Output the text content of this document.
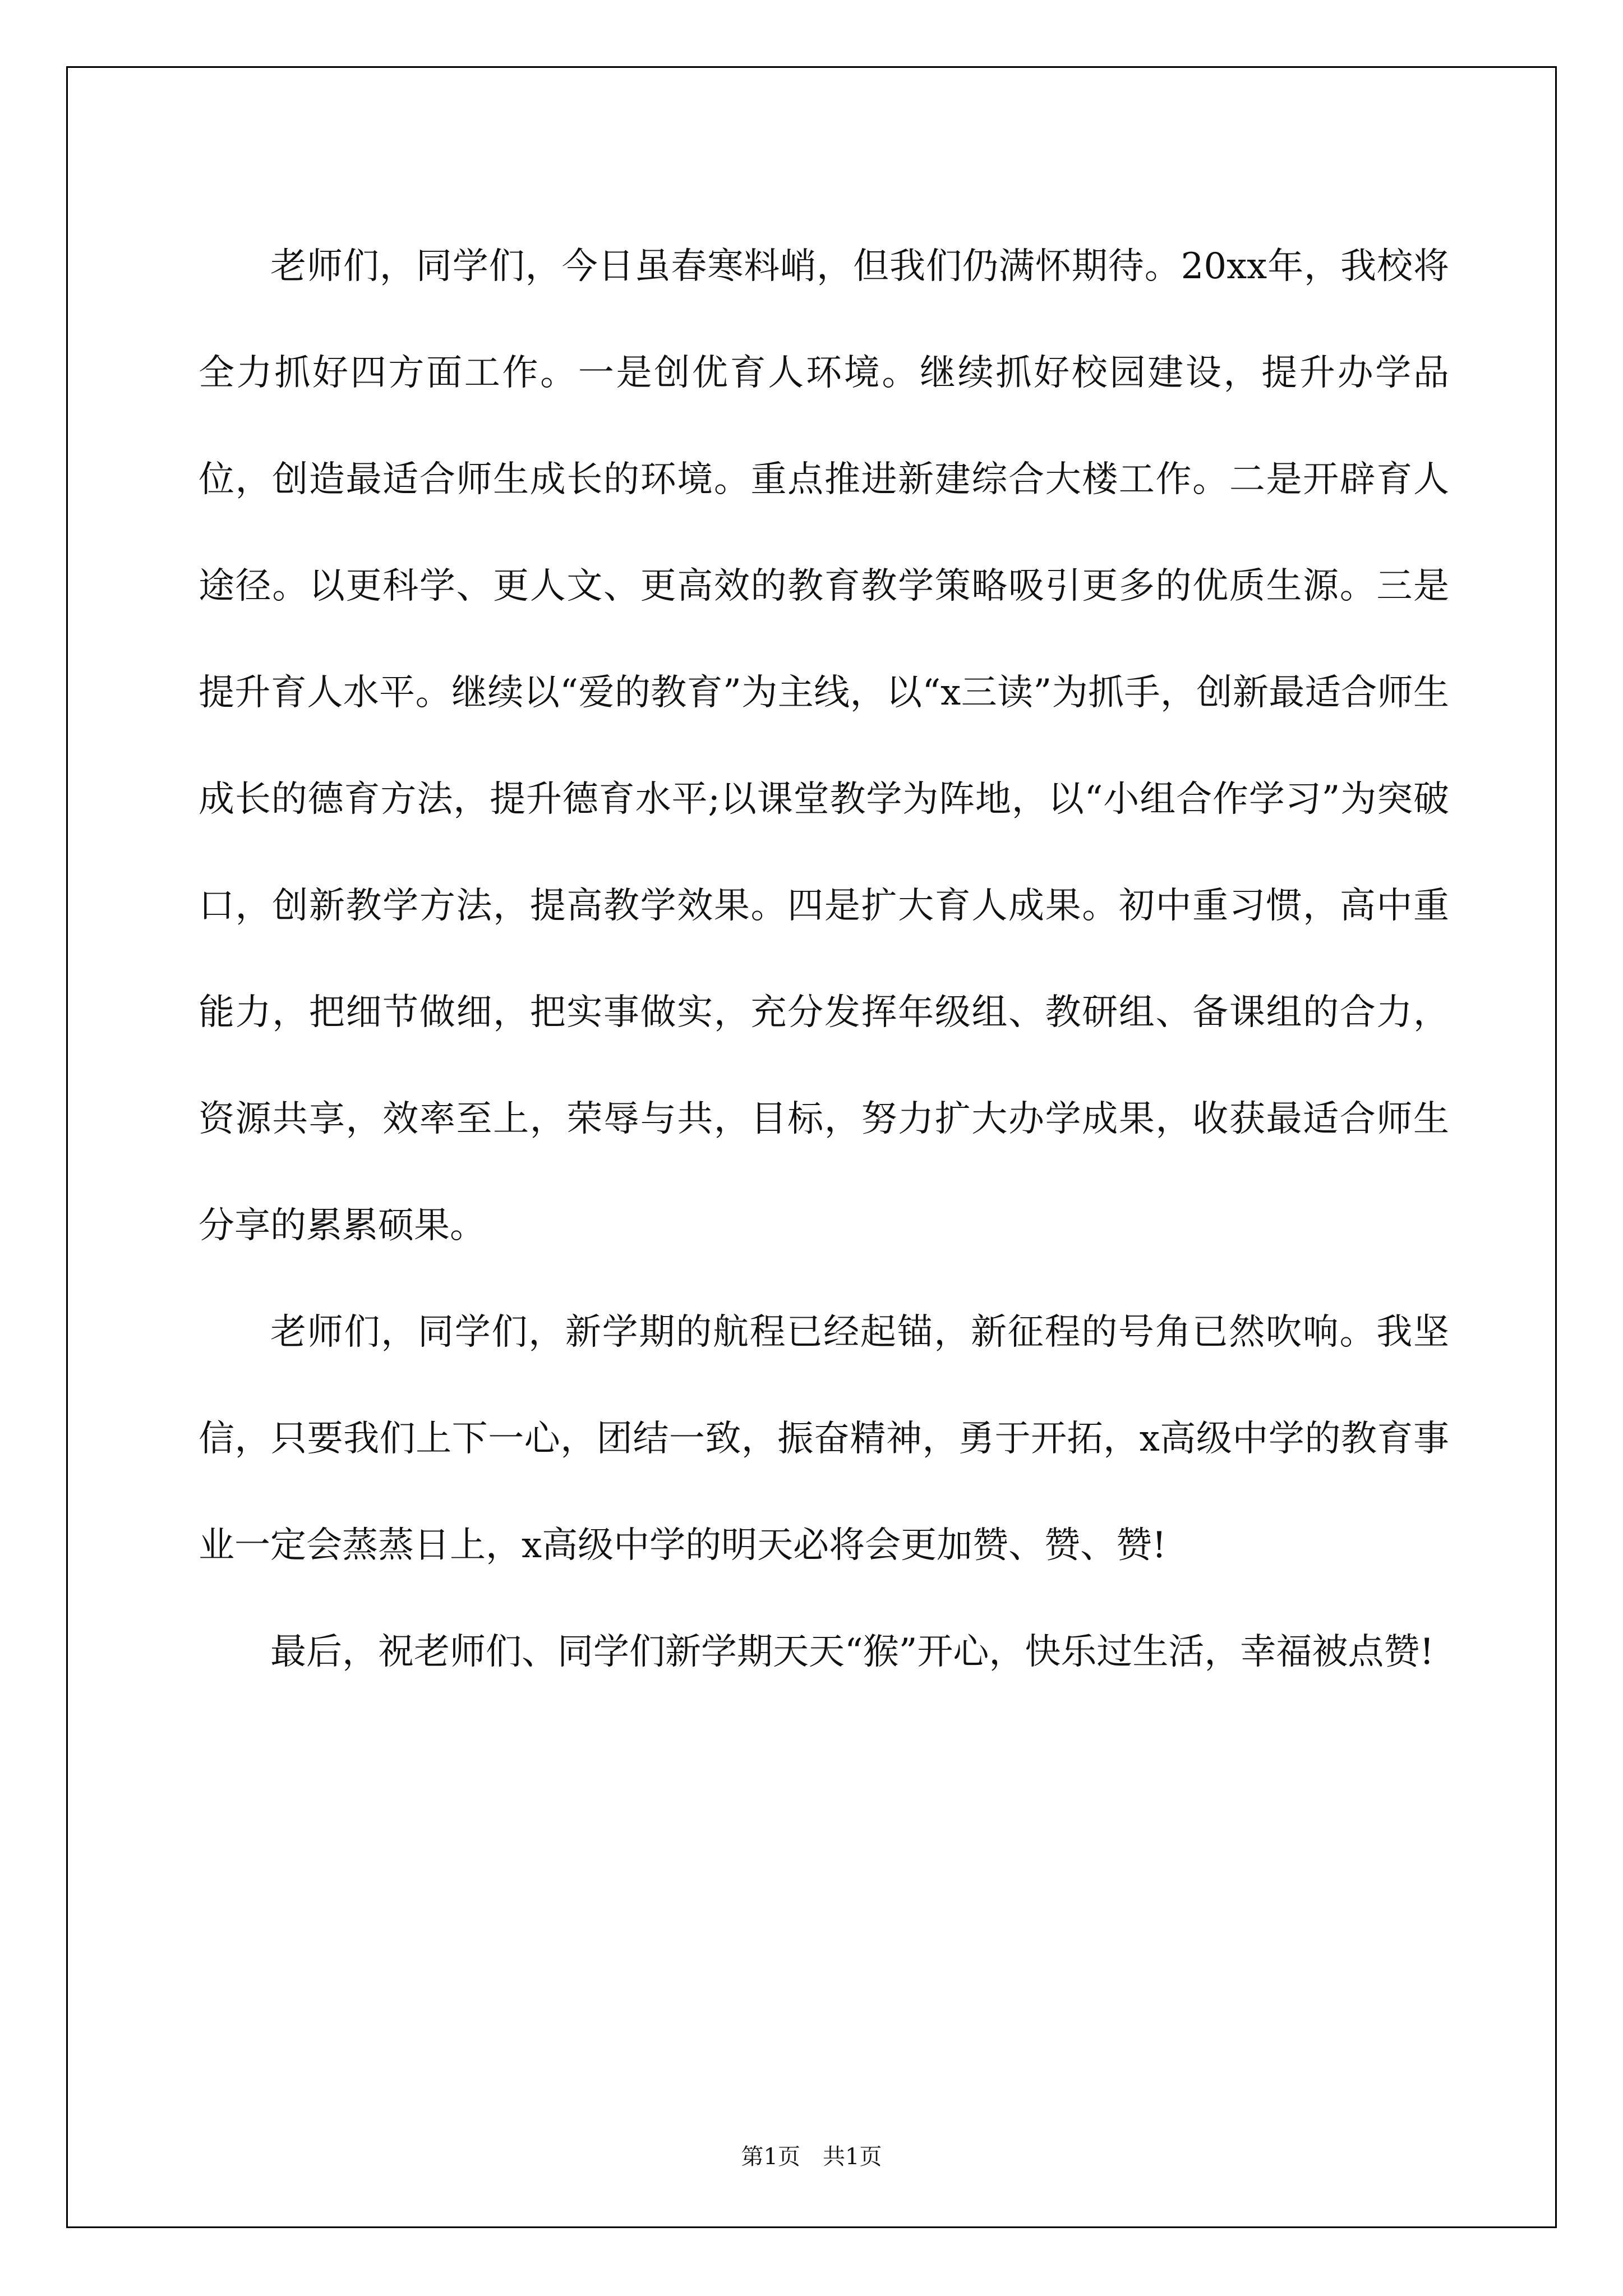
老师们，同学们，今日虽春寒料峭，但我们仍满怀期待。20xx年，我校将全力抓好四方面工作。一是创优育人环境。继续抓好校园建设，提升办学品位，创造最适合师生成长的环境。重点推进新建综合大楼工作。二是开辟育人途径。以更科学、更人文、更高效的教育教学策略吸引更多的优质生源。三是提升育人水平。继续以“爱的教育”为主线，以“x三读”为抓手，创新最适合师生成长的德育方法，提升德育水平;以课堂教学为阵地，以“小组合作学习”为突破口，创新教学方法，提高教学效果。四是扩大育人成果。初中重习惯，高中重能力，把细节做细，把实事做实，充分发挥年级组、教研组、备课组的合力，资源共享，效率至上，荣辱与共，目标，努力扩大办学成果，收获最适合师生分享的累累硕果。

老师们，同学们，新学期的航程已经起锚，新征程的号角已然吹响。我坚信，只要我们上下一心，团结一致，振奋精神，勇于开拓，x高级中学的教育事业一定会蒸蒸日上，x高级中学的明天必将会更加赞、赞、赞!

最后，祝老师们、同学们新学期天天“猴”开心，快乐过生活，幸福被点赞!

第1页　共1页
